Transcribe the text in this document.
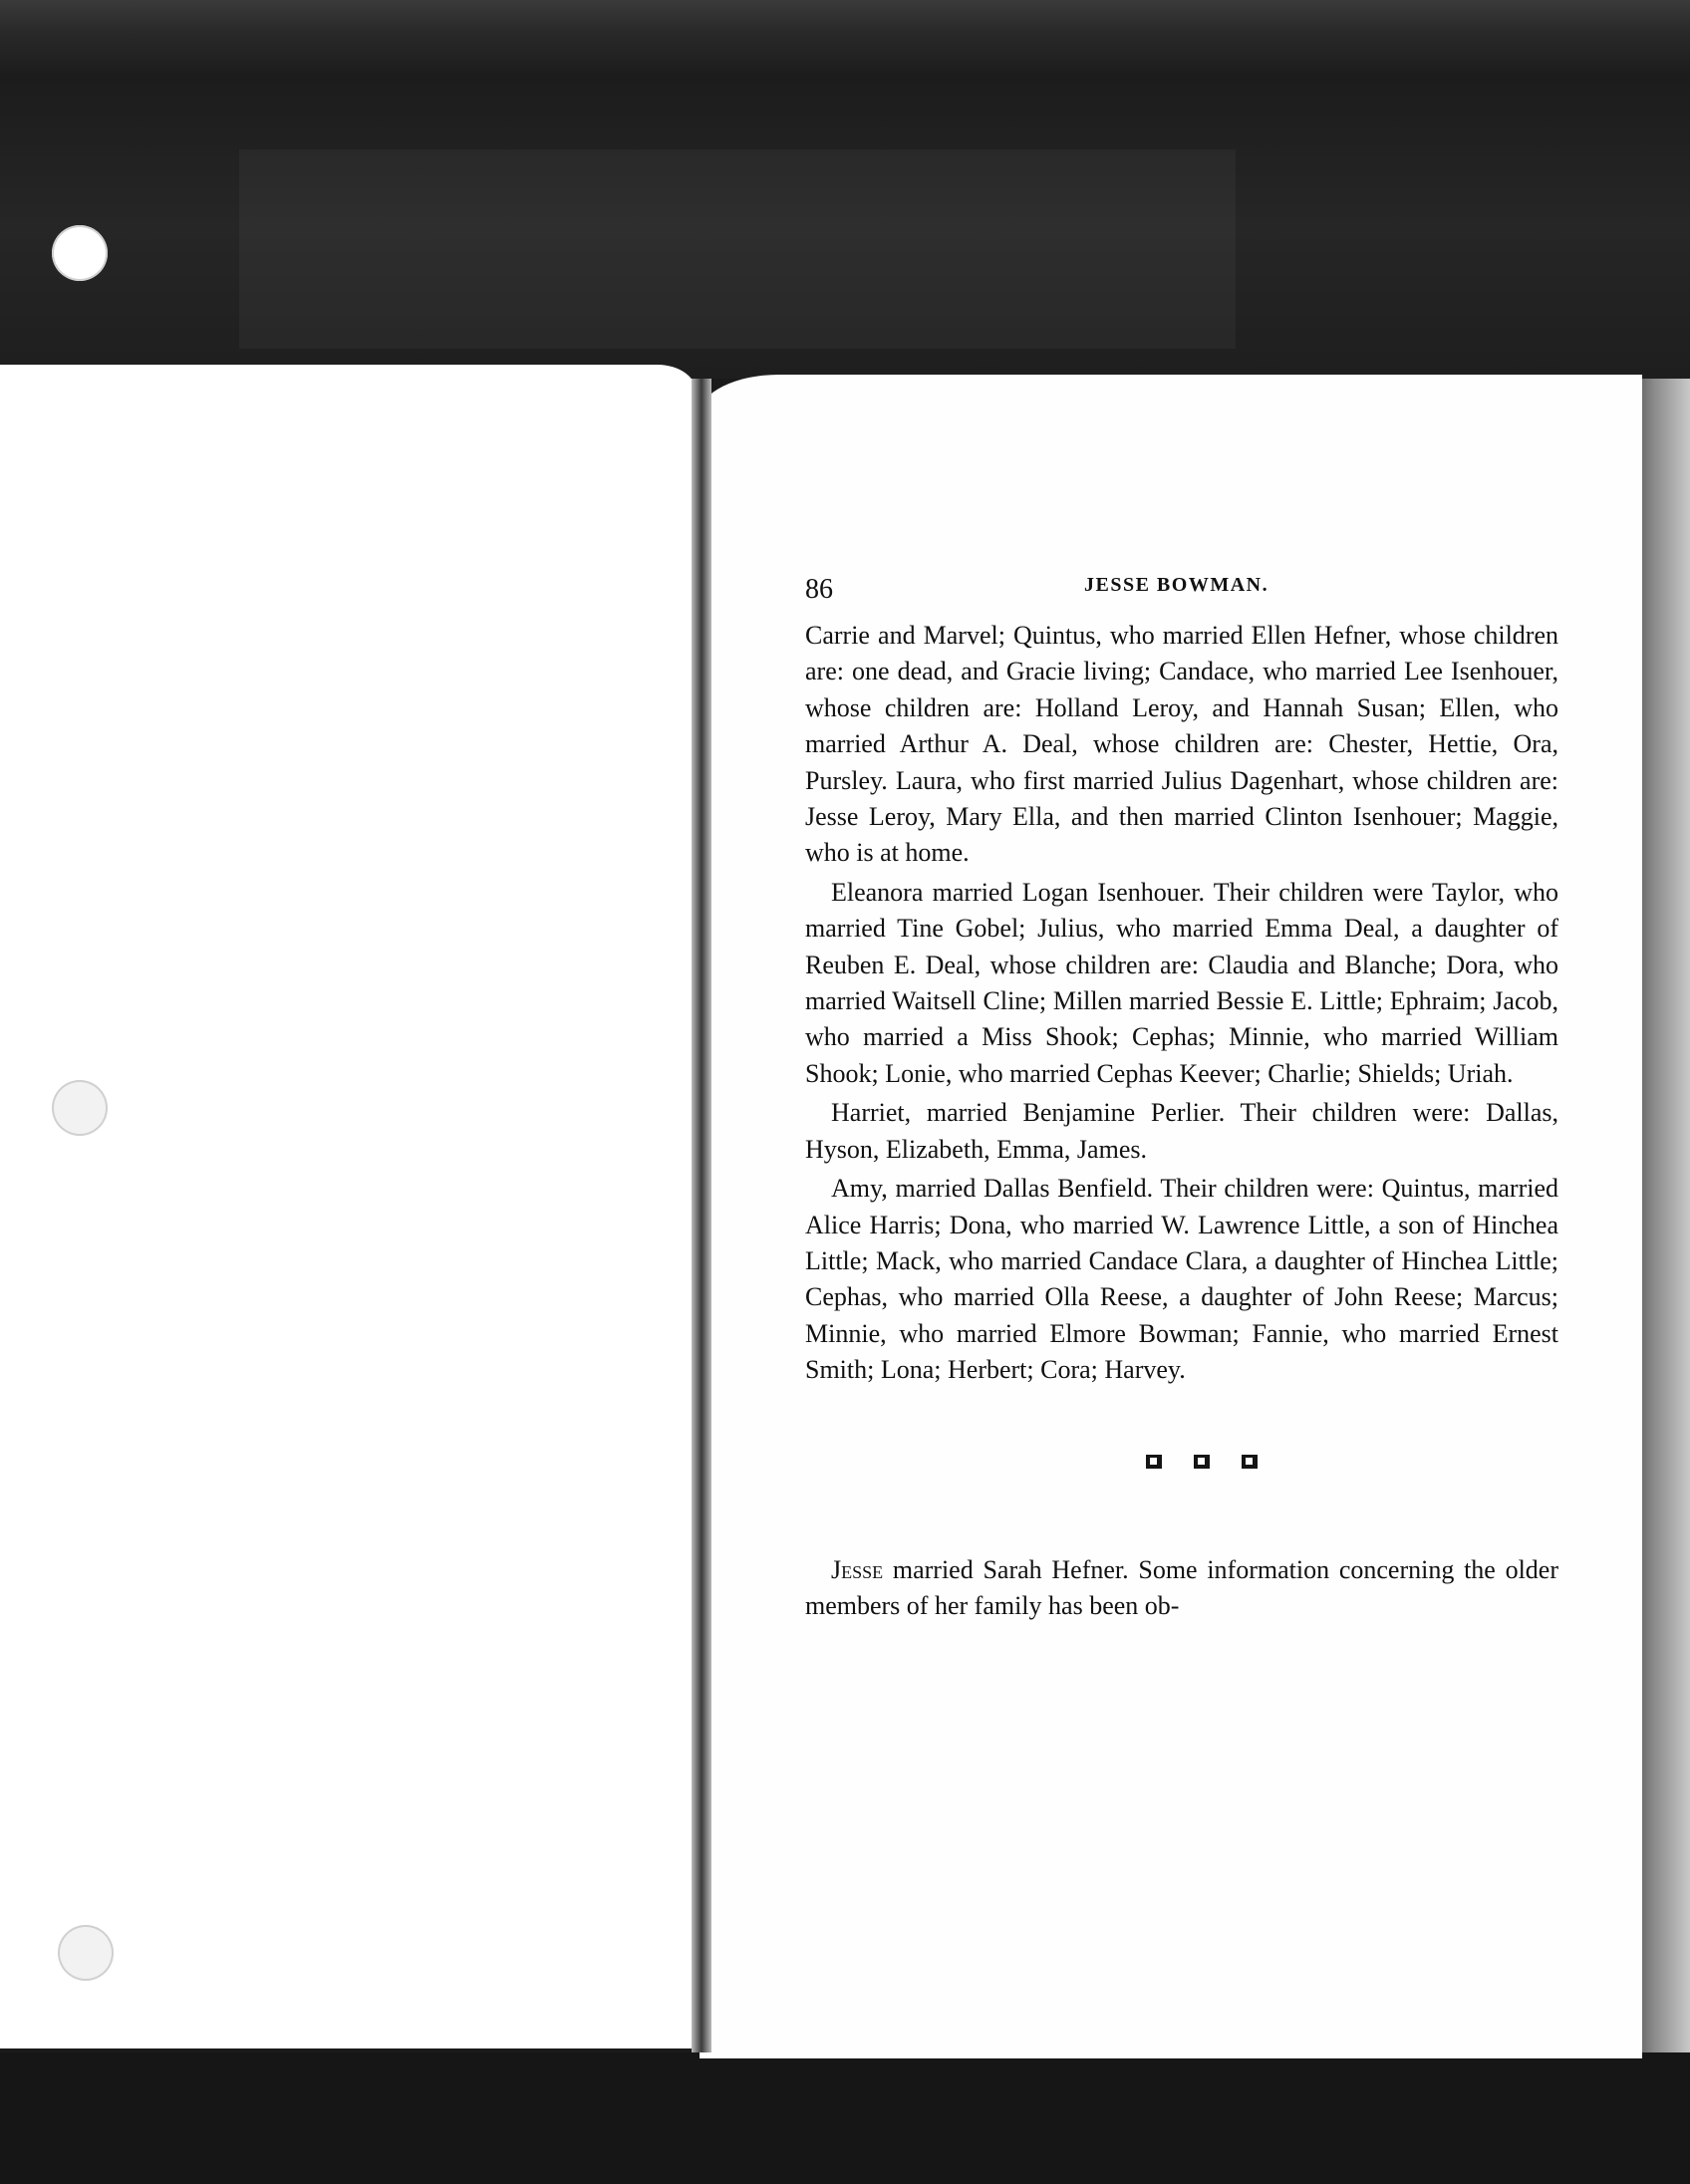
86	JESSE BOWMAN.

Carrie and Marvel; Quintus, who married Ellen Hefner, whose children are: one dead, and Gracie living; Candace, who married Lee Isenhouer, whose children are: Holland Leroy, and Hannah Susan; Ellen, who married Arthur A. Deal, whose children are: Chester, Hettie, Ora, Pursley. Laura, who first married Julius Dagenhart, whose children are: Jesse Leroy, Mary Ella, and then married Clinton Isenhouer; Maggie, who is at home.

Eleanora married Logan Isenhouer. Their children were Taylor, who married Tine Gobel; Julius, who married Emma Deal, a daughter of Reuben E. Deal, whose children are: Claudia and Blanche; Dora, who married Waitsell Cline; Millen married Bessie E. Little; Ephraim; Jacob, who married a Miss Shook; Cephas; Minnie, who married William Shook; Lonie, who married Cephas Keever; Charlie; Shields; Uriah.

Harriet, married Benjamine Perlier. Their children were: Dallas, Hyson, Elizabeth, Emma, James.

Amy, married Dallas Benfield. Their children were: Quintus, married Alice Harris; Dona, who married W. Lawrence Little, a son of Hinchea Little; Mack, who married Candace Clara, a daughter of Hinchea Little; Cephas, who married Olla Reese, a daughter of John Reese; Marcus; Minnie, who married Elmore Bowman; Fannie, who married Ernest Smith; Lona; Herbert; Cora; Harvey.

Jesse married Sarah Hefner. Some information concerning the older members of her family has been ob-
